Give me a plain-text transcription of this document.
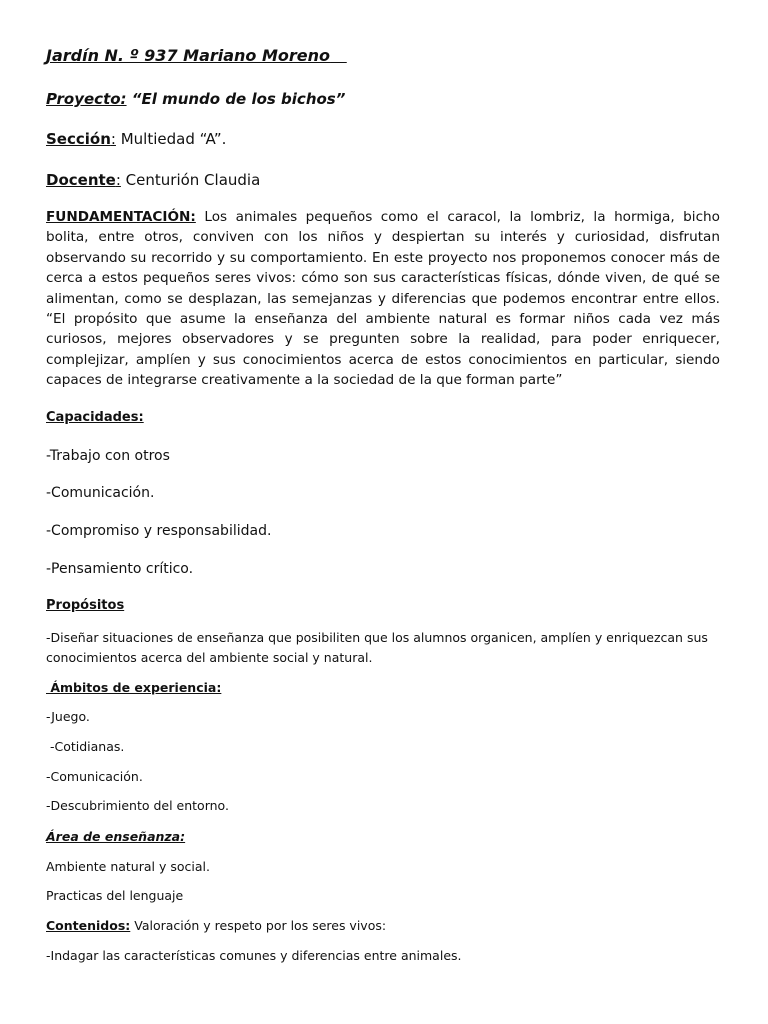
Jardín N. º 937 Mariano Moreno

Proyecto: “El mundo de los bichos”

Sección: Multiedad “A”.

Docente: Centurión Claudia

FUNDAMENTACIÓN: Los animales pequeños como el caracol, la lombriz, la hormiga, bicho bolita, entre otros, conviven con los niños y despiertan su interés y curiosidad, disfrutan observando su recorrido y su comportamiento. En este proyecto nos proponemos conocer más de cerca a estos pequeños seres vivos: cómo son sus características físicas, dónde viven, de qué se alimentan, como se desplazan, las semejanzas y diferencias que podemos encontrar entre ellos. “El propósito que asume la enseñanza del ambiente natural es formar niños cada vez más curiosos, mejores observadores y se pregunten sobre la realidad, para poder enriquecer, complejizar, amplíen y sus conocimientos acerca de estos conocimientos en particular, siendo capaces de integrarse creativamente a la sociedad de la que forman parte”

Capacidades:

-Trabajo con otros

-Comunicación.

-Compromiso y responsabilidad.

-Pensamiento crítico.

Propósitos

-Diseñar situaciones de enseñanza que posibiliten que los alumnos organicen, amplíen y enriquezcan sus conocimientos acerca del ambiente social y natural.

Ámbitos de experiencia:

-Juego.

-Cotidianas.

-Comunicación.

-Descubrimiento del entorno.

Área de enseñanza:

Ambiente natural y social.

Practicas del lenguaje

Contenidos: Valoración y respeto por los seres vivos:

-Indagar las características comunes y diferencias entre animales.
